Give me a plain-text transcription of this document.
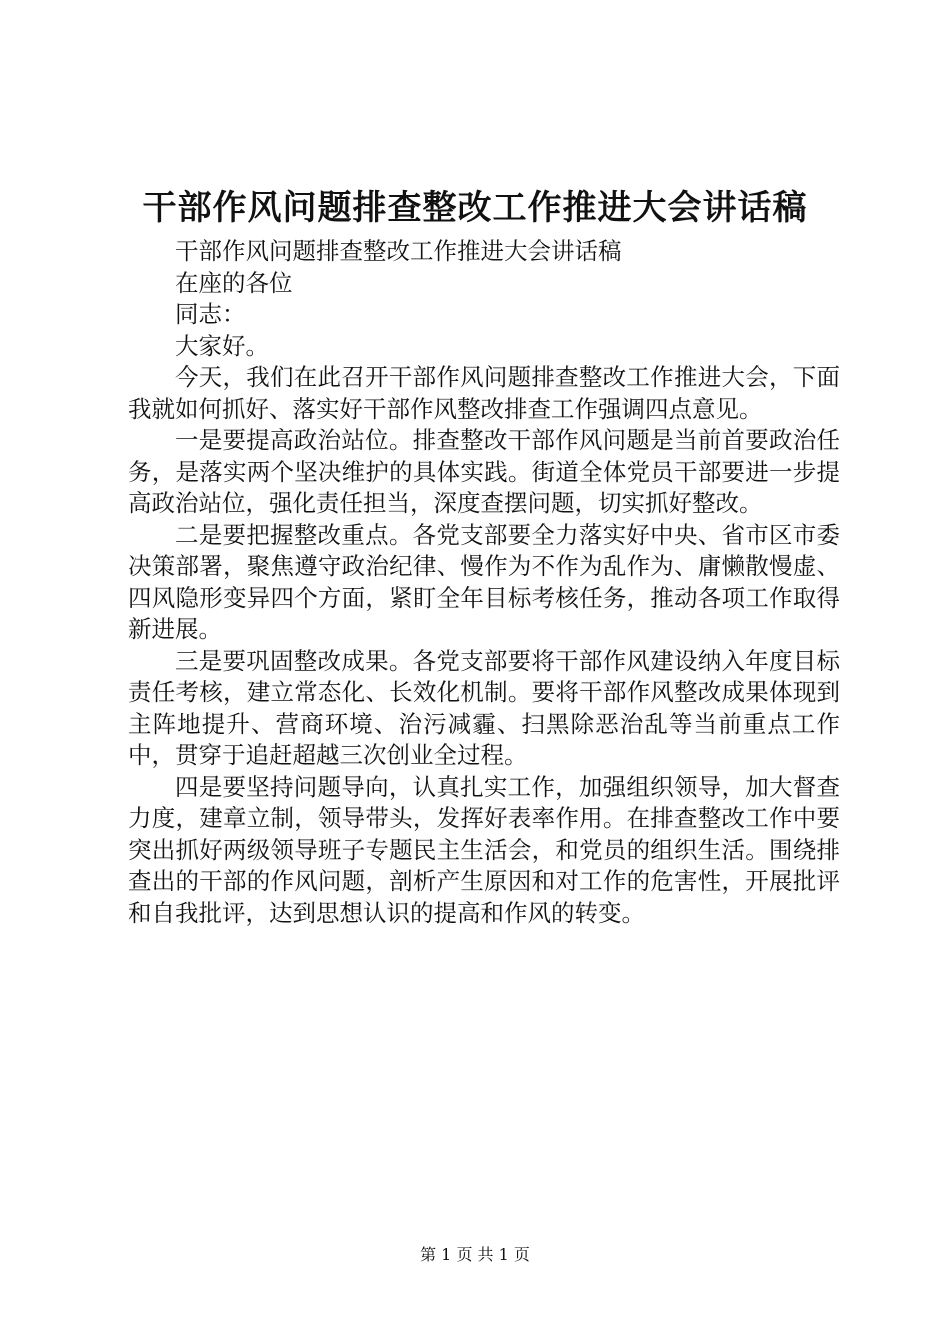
干部作风问题排查整改工作推进大会讲话稿

干部作风问题排查整改工作推进大会讲话稿

在座的各位

同志：

大家好。

今天，我们在此召开干部作风问题排查整改工作推进大会，下面我就如何抓好、落实好干部作风整改排查工作强调四点意见。

一是要提高政治站位。排查整改干部作风问题是当前首要政治任务，是落实两个坚决维护的具体实践。街道全体党员干部要进一步提高政治站位，强化责任担当，深度查摆问题，切实抓好整改。

二是要把握整改重点。各党支部要全力落实好中央、省市区市委决策部署，聚焦遵守政治纪律、慢作为不作为乱作为、庸懒散慢虚、四风隐形变异四个方面，紧盯全年目标考核任务，推动各项工作取得新进展。

三是要巩固整改成果。各党支部要将干部作风建设纳入年度目标责任考核，建立常态化、长效化机制。要将干部作风整改成果体现到主阵地提升、营商环境、治污减霾、扫黑除恶治乱等当前重点工作中，贯穿于追赶超越三次创业全过程。

四是要坚持问题导向，认真扎实工作，加强组织领导，加大督查力度，建章立制，领导带头，发挥好表率作用。在排查整改工作中要突出抓好两级领导班子专题民主生活会，和党员的组织生活。围绕排查出的干部的作风问题，剖析产生原因和对工作的危害性，开展批评和自我批评，达到思想认识的提高和作风的转变。

第 1 页 共 1 页
